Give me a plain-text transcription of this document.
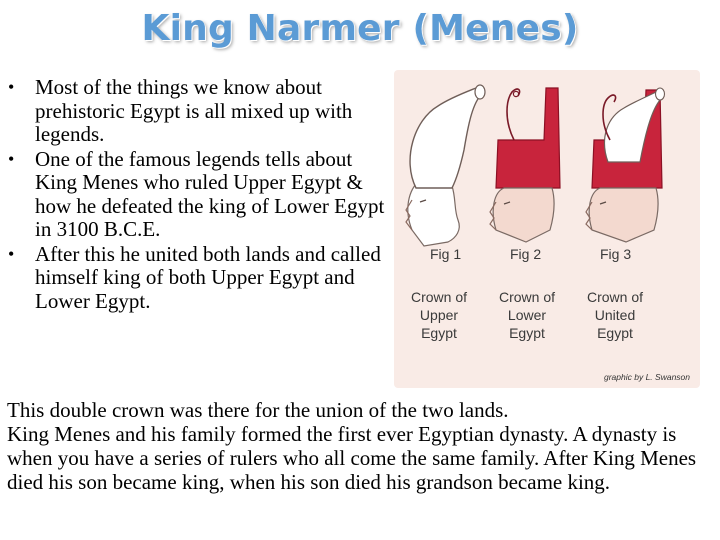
King Narmer (Menes)
• Most of the things we know about prehistoric Egypt is all mixed up with legends.
• One of the famous legends tells about King Menes who ruled Upper Egypt & how he defeated the king of Lower Egypt in 3100 B.C.E.
• After this he united both lands and called himself king of both Upper Egypt and Lower Egypt.
Fig 1	Fig 2	Fig 3
Crown of
Upper
Egypt
Crown of
Lower
Egypt
Crown of
United
Egypt
graphic by L. Swanson
This double crown was there for the union of the two lands.
King Menes and his family formed the first ever Egyptian dynasty. A dynasty is when you have a series of rulers who all come the same family. After King Menes died his son became king, when his son died his grandson became king.
